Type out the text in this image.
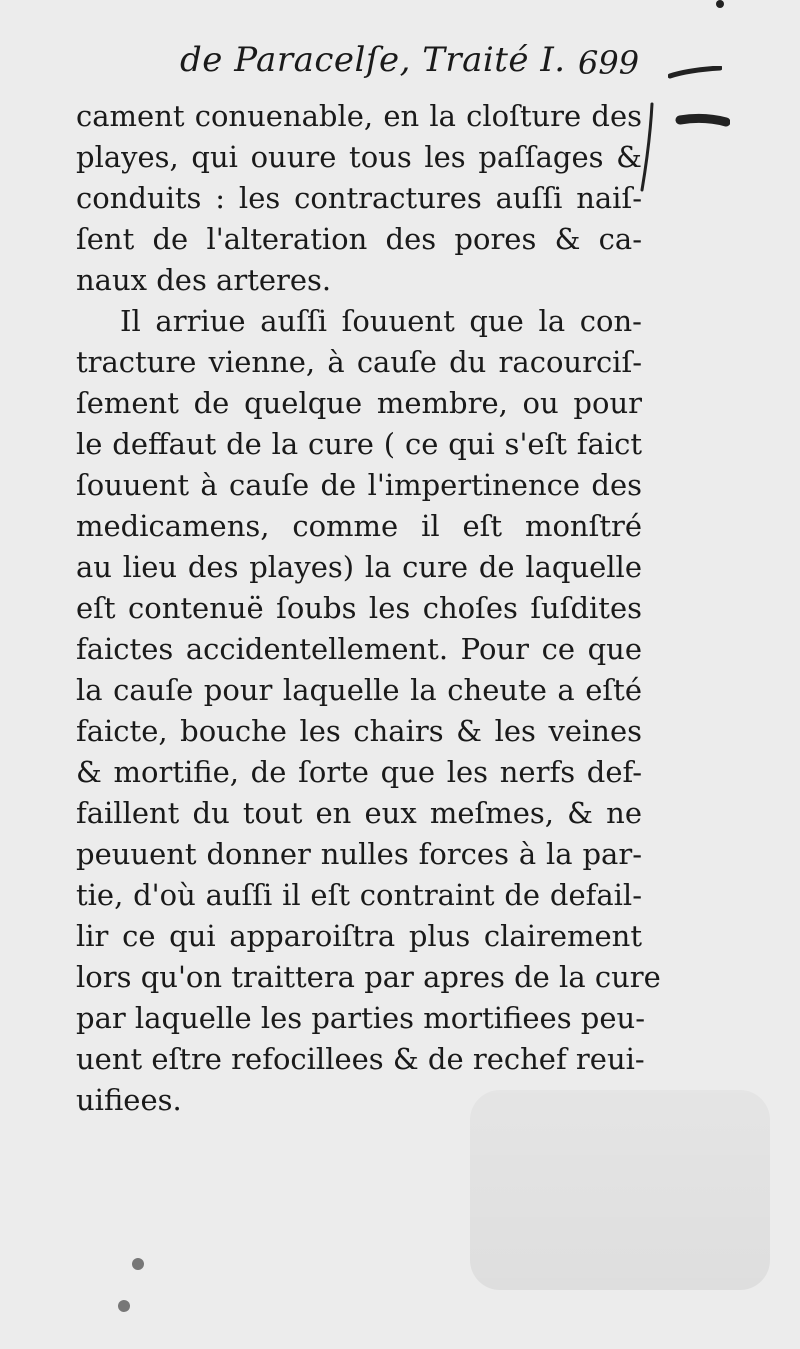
de Paracelſe, Traité I. 699
cament conuenable, en la cloſture des
playes, qui ouure tous les paſſages &
conduits : les contractures auſſi naiſ-
ſent de l'alteration des pores & ca-
naux des arteres.
Il arriue auſſi ſouuent que la con-
tracture vienne, à cauſe du racourciſ-
ſement de quelque membre, ou pour
le deffaut de la cure ( ce qui s'eſt faict
ſouuent à cauſe de l'impertinence des
medicamens, comme il eſt monſtré
au lieu des playes) la cure de laquelle
eſt contenuë ſoubs les choſes ſuſdites
faictes accidentellement. Pour ce que
la cauſe pour laquelle la cheute a eſté
faicte, bouche les chairs & les veines
& mortifie, de ſorte que les nerfs def-
faillent du tout en eux meſmes, & ne
peuuent donner nulles forces à la par-
tie, d'où auſſi il eſt contraint de defail-
lir ce qui apparoiſtra plus clairement
lors qu'on traittera par apres de la cure
par laquelle les parties mortifiees peu-
uent eſtre refocillees & de rechef reui-
uifiees.
